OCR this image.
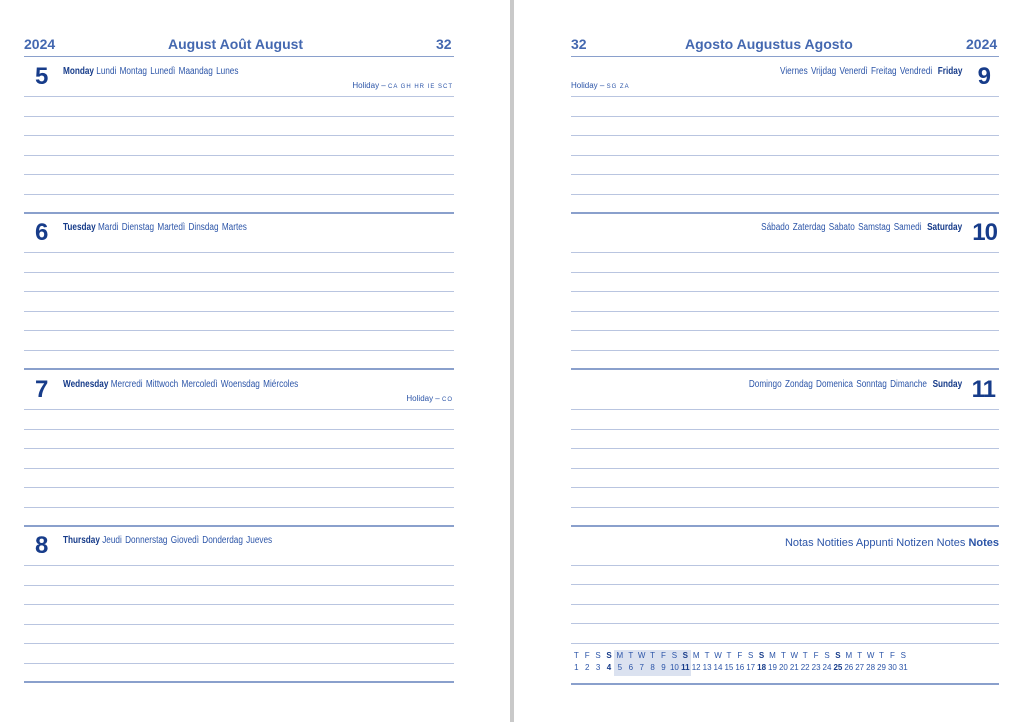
2024	August Août August	32
5 Monday Lundi Montag Lunedì Maandag Lunes
Holiday – CA GH HR IE SCT
6 Tuesday Mardi Dienstag Martedì Dinsdag Martes
7 Wednesday Mercredi Mittwoch Mercoledì Woensdag Miércoles
Holiday – CO
8 Thursday Jeudi Donnerstag Giovedì Donderdag Jueves
32	Agosto Augustus Agosto	2024
9
Viernes Vrijdag Venerdì Freitag Vendredi Friday
Holiday – SG ZA
10
Sábado Zaterdag Sabato Samstag Samedi Saturday
11
Domingo Zondag Domenica Sonntag Dimanche Sunday
Notas Notities Appunti Notizen Notes Notes
T F S S M T W T F S S M T W T F S S M T W T F S S M T W T F S
1 2 3 4 5 6 7 8 9 10 11 12 13 14 15 16 17 18 19 20 21 22 23 24 25 26 27 28 29 30 31
